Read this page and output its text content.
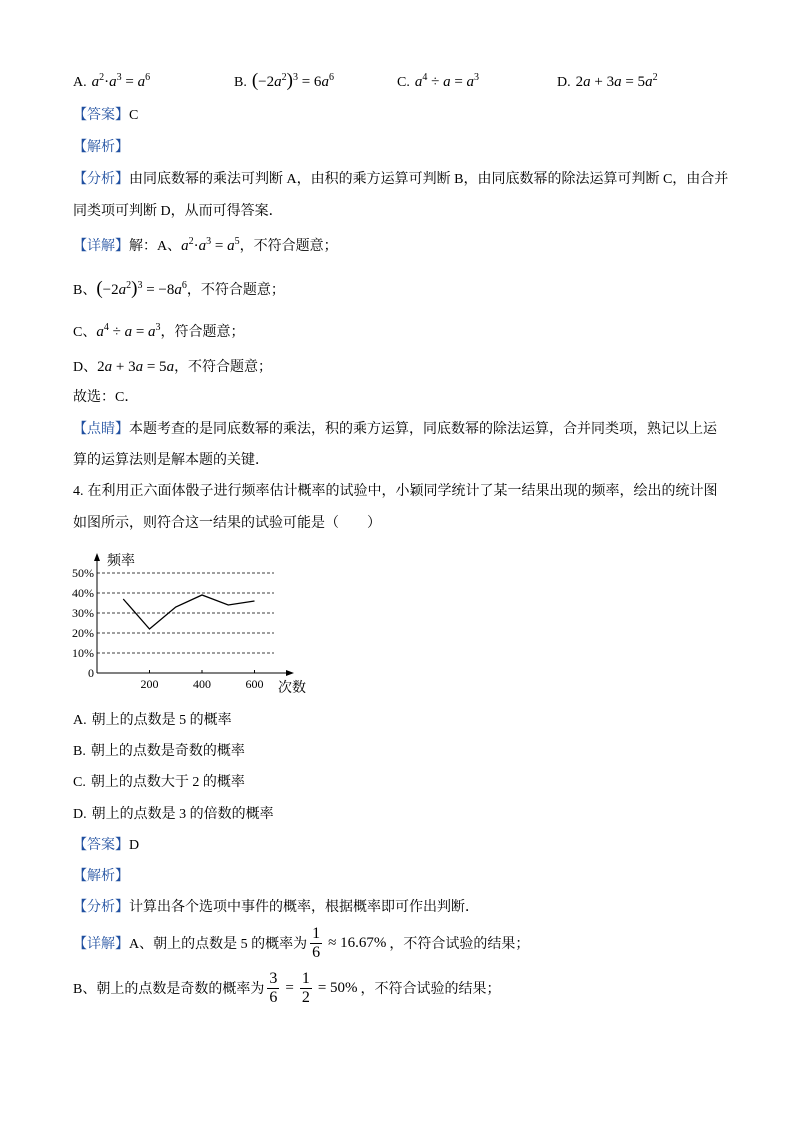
A. $a^2\cdot a^3 = a^6$	B. $(-2a^2)^3 = 6a^6$	C. $a^4 \div a = a^3$	D. $2a + 3a = 5a^2$
【答案】C
【解析】
【分析】由同底数幂的乘法可判断 A，由积的乘方运算可判断 B，由同底数幂的除法运算可判断 C，由合并
同类项可判断 D，从而可得答案．
【详解】解：A、$a^2\cdot a^3 = a^5$，不符合题意；
B、$(-2a^2)^3 = -8a^6$，不符合题意；
C、$a^4 \div a = a^3$，符合题意；
D、2a + 3a = 5a，不符合题意；
故选：C．
【点睛】本题考查的是同底数幂的乘法，积的乘方运算，同底数幂的除法运算，合并同类项，熟记以上运
算的运算法则是解本题的关键．
4. 在利用正六面体骰子进行频率估计概率的试验中，小颖同学统计了某一结果出现的频率，绘出的统计图
如图所示，则符合这一结果的试验可能是（　　）
0
10%
20%
30%
40%
50%
200	400	600
频率
次数
A. 朝上的点数是 5 的概率
B. 朝上的点数是奇数的概率
C. 朝上的点数大于 2 的概率
D. 朝上的点数是 3 的倍数的概率
【答案】D
【解析】
【分析】计算出各个选项中事件的概率，根据概率即可作出判断．
【详解】 A、朝上的点数是 5 的概率为 $\frac{1}{6} \approx 16.67\%$ ，不符合试验的结果；
B、朝上的点数是奇数的概率为 $\frac{3}{6} = \frac{1}{2} = 50\%$ ，不符合试验的结果；
